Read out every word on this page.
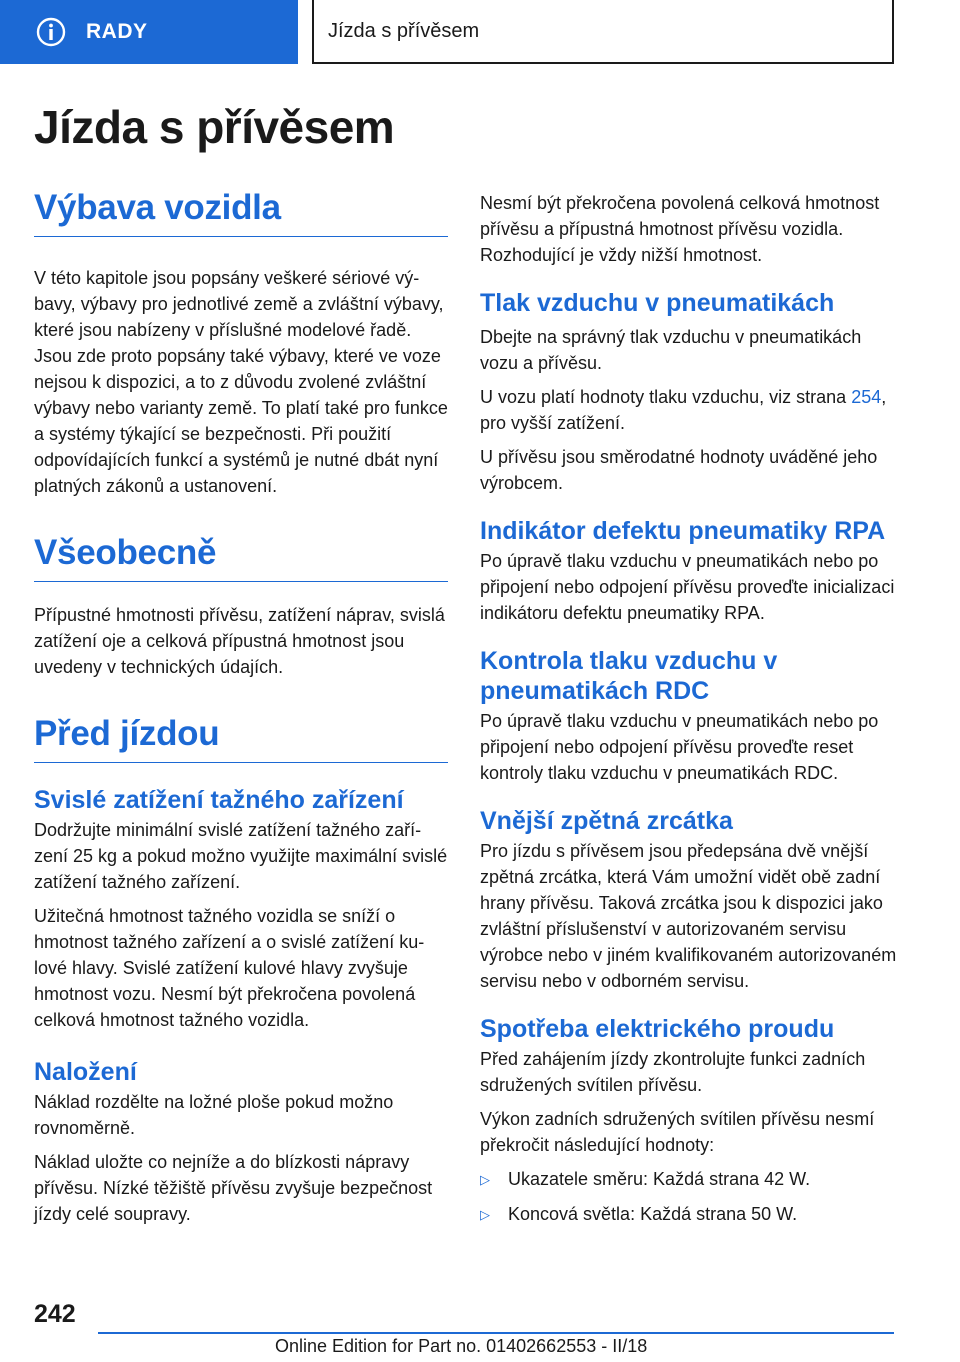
RADY	Jízda s přívěsem
Jízda s přívěsem
Výbava vozidla

V této kapitole jsou popsány veškeré sériové výbavy, výbavy pro jednotlivé země a zvláštní výbavy, které jsou nabízeny v příslušné modelové řadě. Jsou zde proto popsány také výbavy, které ve voze nejsou k dispozici, a to z důvodu zvolené zvláštní výbavy nebo varianty země. To platí také pro funkce a systémy týkající se bezpečnosti. Při použití odpovídajících funkcí a systémů je nutné dbát nyní platných zákonů a ustanovení.

Všeobecně

Přípustné hmotnosti přívěsu, zatížení náprav, svislá zatížení oje a celková přípustná hmotnost jsou uvedeny v technických údajích.

Před jízdou
Svislé zatížení tažného zařízení

Dodržujte minimální svislé zatížení tažného zařízení 25 kg a pokud možno využijte maximální svislé zatížení tažného zařízení.

Užitečná hmotnost tažného vozidla se sníží o hmotnost tažného zařízení a o svislé zatížení kulové hlavy. Svislé zatížení kulové hlavy zvyšuje hmotnost vozu. Nesmí být překročena povolená celková hmotnost tažného vozidla.

Naložení

Náklad rozdělte na ložné ploše pokud možno rovnoměrně.

Náklad uložte co nejníže a do blízkosti nápravy přívěsu. Nízké těžiště přívěsu zvyšuje bezpečnost jízdy celé soupravy.

Nesmí být překročena povolená celková hmotnost přívěsu a přípustná hmotnost přívěsu vozidla. Rozhodující je vždy nižší hmotnost.

Tlak vzduchu v pneumatikách

Dbejte na správný tlak vzduchu v pneumatikách vozu a přívěsu.

U vozu platí hodnoty tlaku vzduchu, viz strana 254, pro vyšší zatížení.

U přívěsu jsou směrodatné hodnoty uváděné jeho výrobcem.

Indikátor defektu pneumatiky RPA

Po úpravě tlaku vzduchu v pneumatikách nebo po připojení nebo odpojení přívěsu proveďte inicializaci indikátoru defektu pneumatiky RPA.

Kontrola tlaku vzduchu v pneumatikách RDC

Po úpravě tlaku vzduchu v pneumatikách nebo po připojení nebo odpojení přívěsu proveďte reset kontroly tlaku vzduchu v pneumatikách RDC.

Vnější zpětná zrcátka

Pro jízdu s přívěsem jsou předepsána dvě vnější zpětná zrcátka, která Vám umožní vidět obě zadní hrany přívěsu. Taková zrcátka jsou k dispozici jako zvláštní příslušenství v autorizovaném servisu výrobce nebo v jiném kvalifikovaném autorizovaném servisu nebo v odborném servisu.

Spotřeba elektrického proudu

Před zahájením jízdy zkontrolujte funkci zadních sdružených svítilen přívěsu.

Výkon zadních sdružených svítilen přívěsu nesmí překročit následující hodnoty:

▷	Ukazatele směru: Každá strana 42 W.
▷	Koncová světla: Každá strana 50 W.
242
Online Edition for Part no. 01402662553 - II/18
